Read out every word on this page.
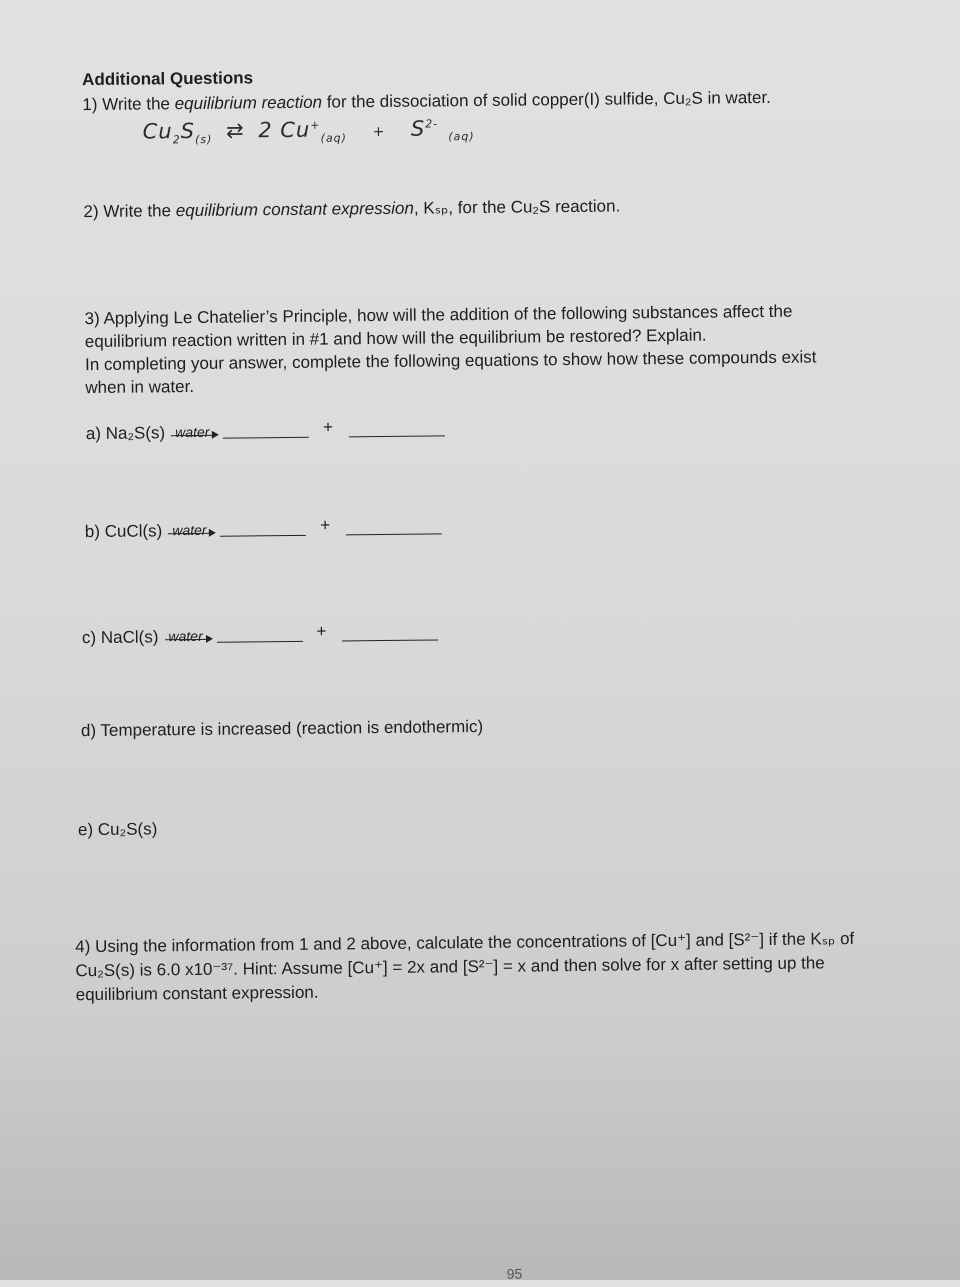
Additional Questions
1) Write the equilibrium reaction for the dissociation of solid copper(I) sulfide, Cu₂S in water.
$Cu_2S_{(s)}$ ⇄ 2 $Cu^+_{(aq)} + S^{2-}_{(aq)}$
2) Write the equilibrium constant expression, Kₛₚ, for the Cu₂S reaction.
3) Applying Le Chatelier’s Principle, how will the addition of the following substances affect the
equilibrium reaction written in #1 and how will the equilibrium be restored? Explain.
In completing your answer, complete the following equations to show how these compounds exist
when in water.
a) Na₂S(s) water	+
b) CuCl(s) water	+
c) NaCl(s) water	+
d) Temperature is increased (reaction is endothermic)
e) Cu₂S(s)
4) Using the information from 1 and 2 above, calculate the concentrations of [Cu⁺] and [S²⁻] if the Kₛₚ of
Cu₂S(s) is 6.0 x10⁻³⁷. Hint: Assume [Cu⁺] = 2x and [S²⁻] = x and then solve for x after setting up the
equilibrium constant expression.
95
